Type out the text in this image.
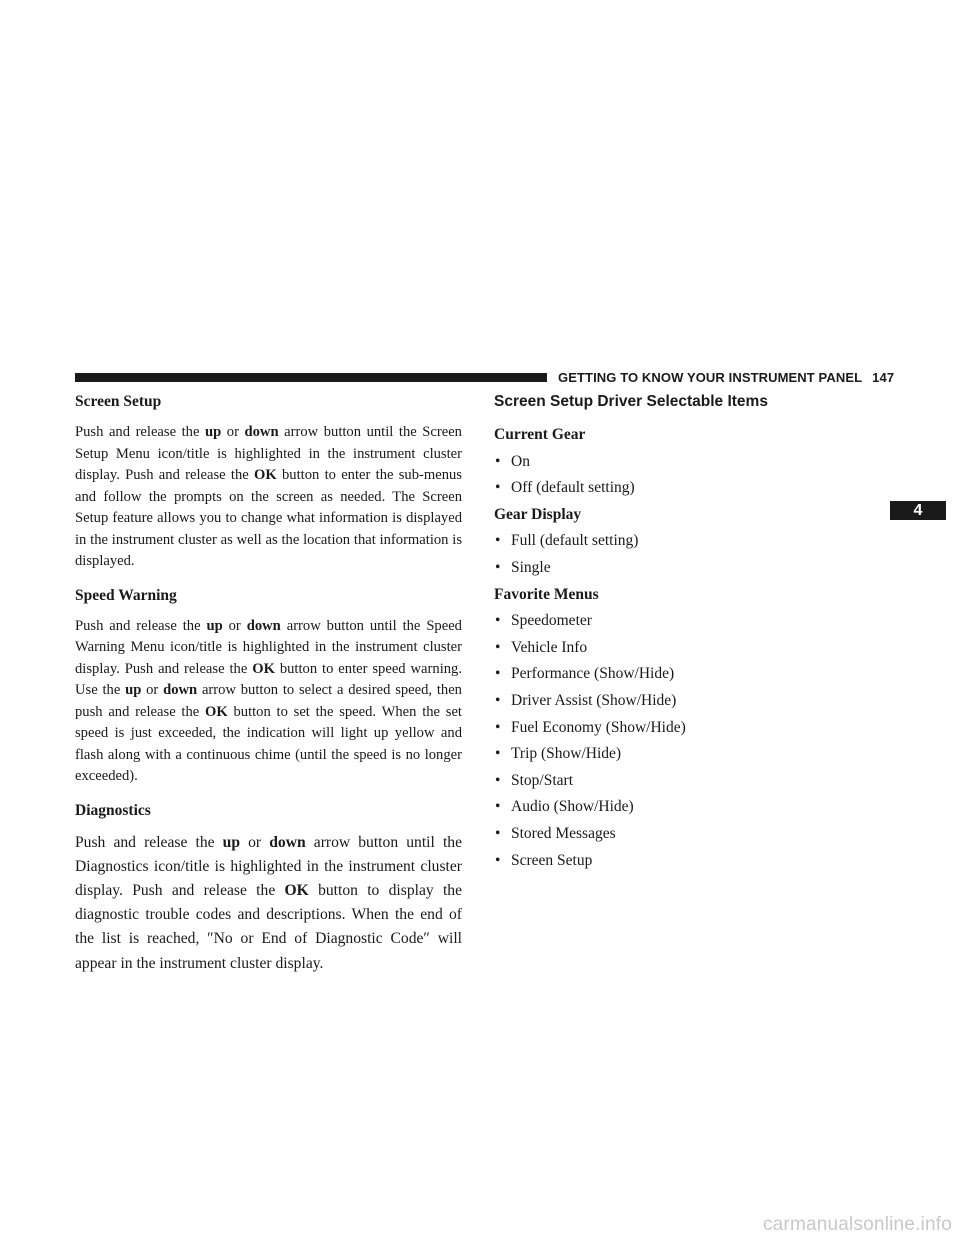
GETTING TO KNOW YOUR INSTRUMENT PANEL 147
4
Screen Setup

Push and release the up or down arrow button until the Screen Setup Menu icon/title is highlighted in the instrument cluster display. Push and release the OK button to enter the sub-menus and follow the prompts on the screen as needed. The Screen Setup feature allows you to change what information is displayed in the instrument cluster as well as the location that information is displayed.

Speed Warning

Push and release the up or down arrow button until the Speed Warning Menu icon/title is highlighted in the instrument cluster display. Push and release the OK button to enter speed warning. Use the up or down arrow button to select a desired speed, then push and release the OK button to set the speed. When the set speed is just exceeded, the indication will light up yellow and flash along with a continuous chime (until the speed is no longer exceeded).

Diagnostics

Push and release the up or down arrow button until the Diagnostics icon/title is highlighted in the instrument cluster display. Push and release the OK button to display the diagnostic trouble codes and descriptions. When the end of the list is reached, ″No or End of Diagnostic Code″ will appear in the instrument cluster display.

Screen Setup Driver Selectable Items
Current Gear
• On
• Off (default setting)
Gear Display
• Full (default setting)
• Single
Favorite Menus
• Speedometer
• Vehicle Info
• Performance (Show/Hide)
• Driver Assist (Show/Hide)
• Fuel Economy (Show/Hide)
• Trip (Show/Hide)
• Stop/Start
• Audio (Show/Hide)
• Stored Messages
• Screen Setup
carmanualsonline.info
